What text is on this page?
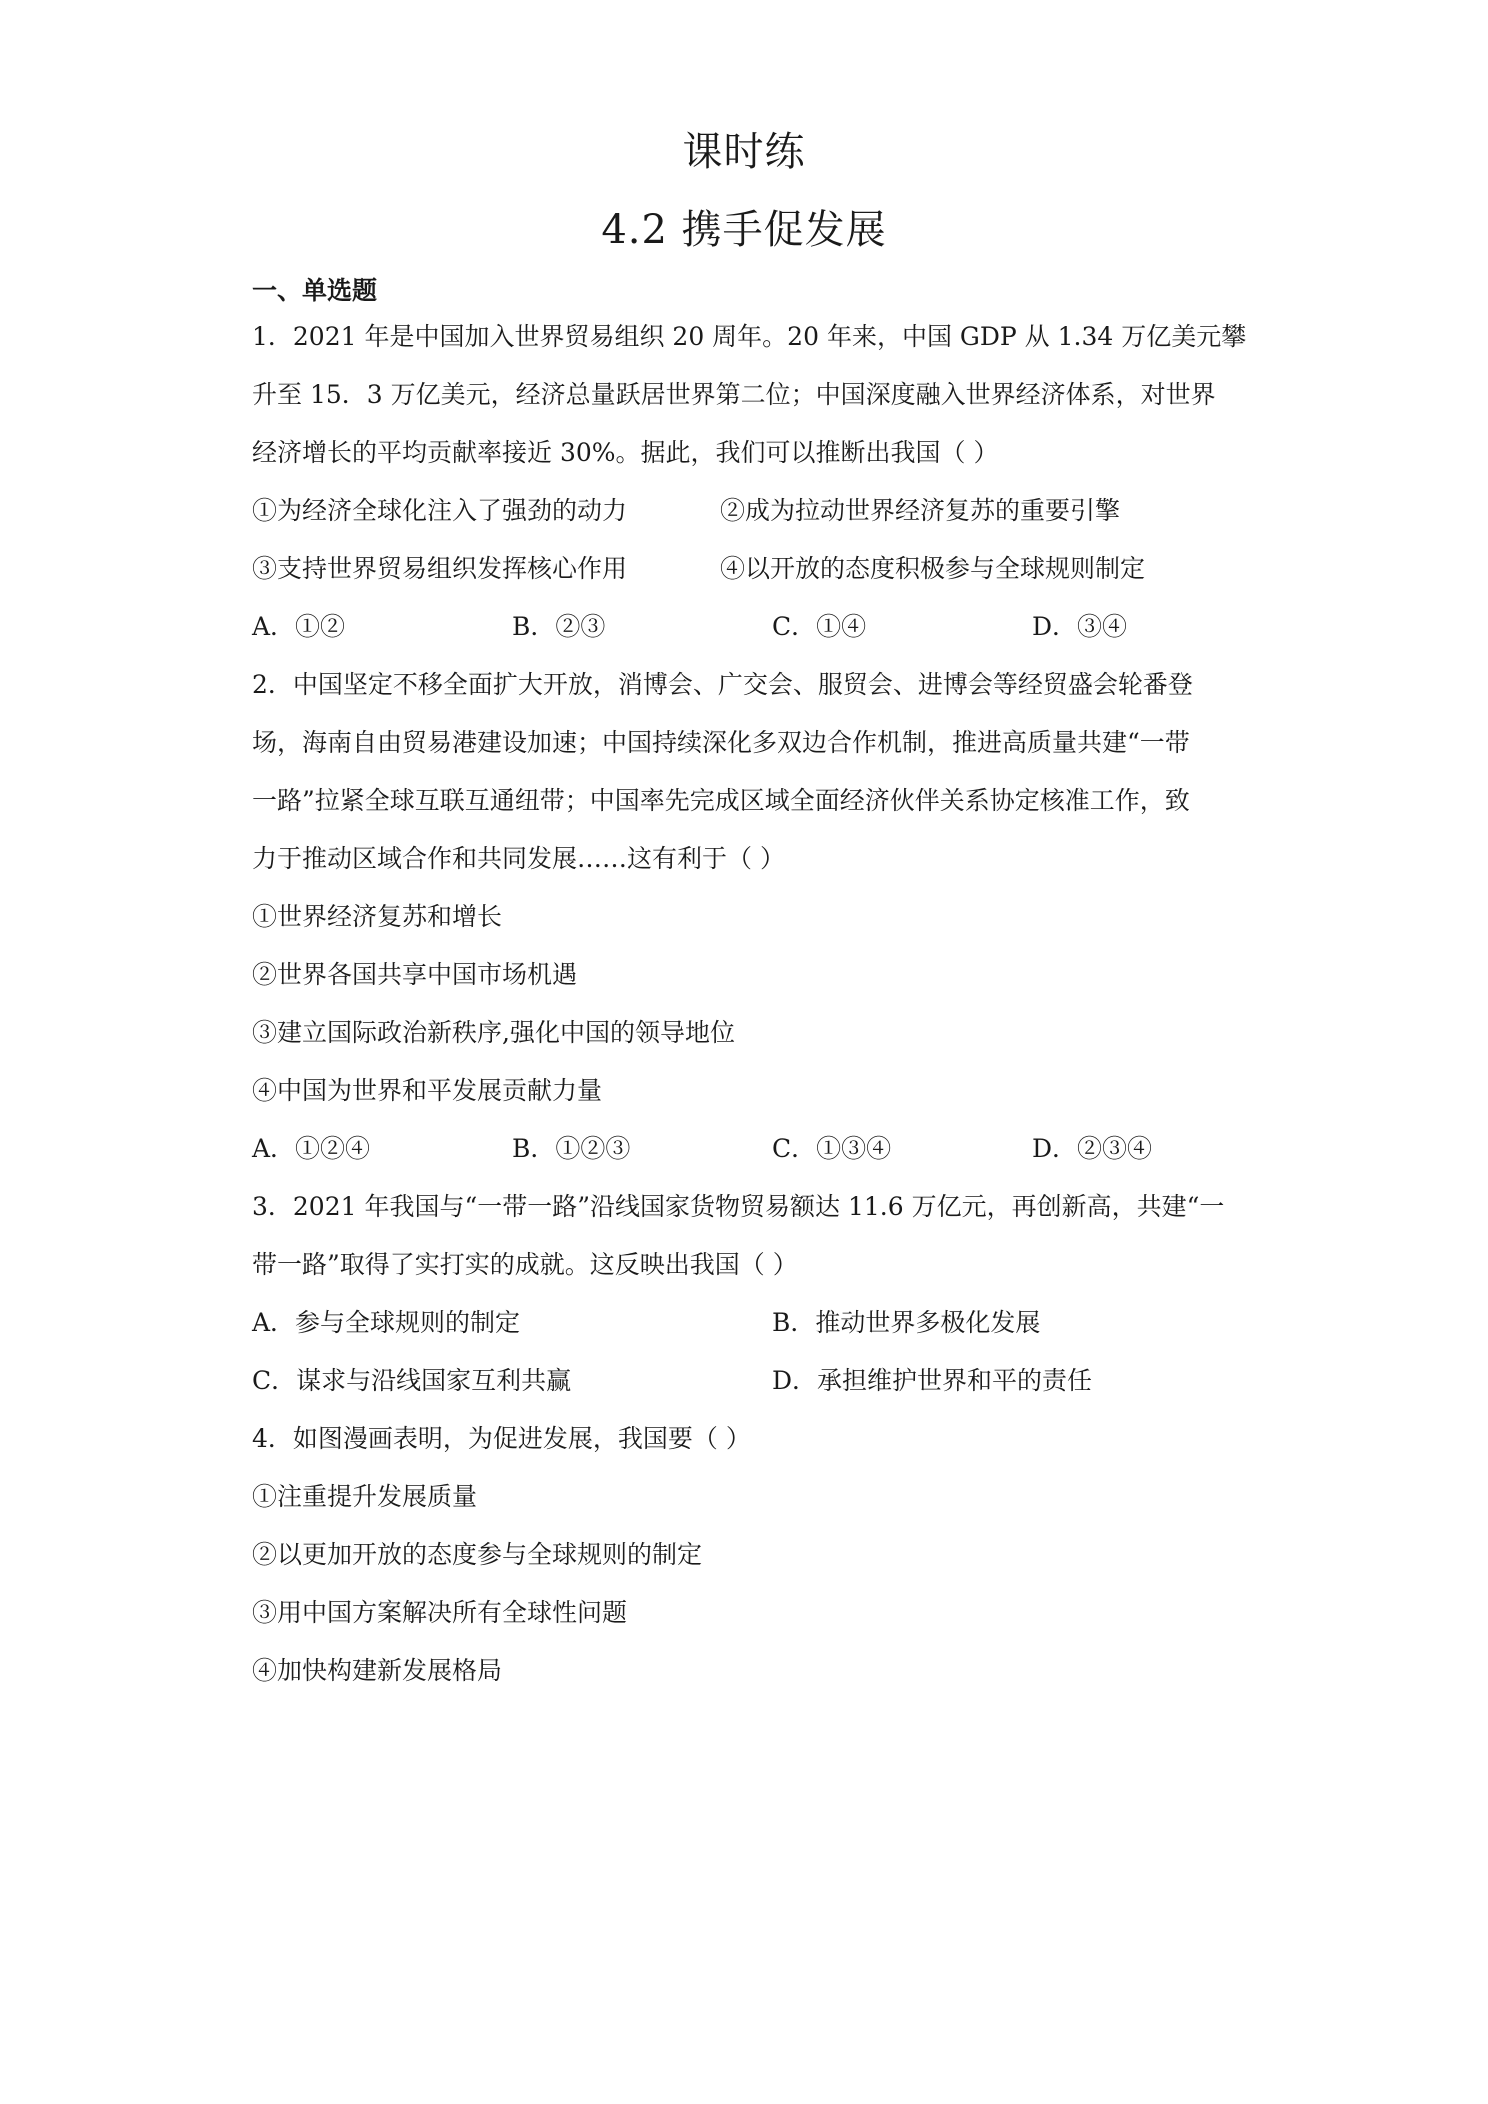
课时练
4.2 携手促发展
一、单选题
1．2021 年是中国加入世界贸易组织 20 周年。20 年来，中国 GDP 从 1.34 万亿美元攀
升至 15．3 万亿美元，经济总量跃居世界第二位；中国深度融入世界经济体系，对世界
经济增长的平均贡献率接近 30%。据此，我们可以推断出我国（ ）
①为经济全球化注入了强劲的动力	②成为拉动世界经济复苏的重要引擎
③支持世界贸易组织发挥核心作用	④以开放的态度积极参与全球规则制定
A．①②	B．②③	C．①④	D．③④
2．中国坚定不移全面扩大开放，消博会、广交会、服贸会、进博会等经贸盛会轮番登
场，海南自由贸易港建设加速；中国持续深化多双边合作机制，推进高质量共建“一带
一路”拉紧全球互联互通纽带；中国率先完成区域全面经济伙伴关系协定核准工作，致
力于推动区域合作和共同发展……这有利于（ ）
①世界经济复苏和增长
②世界各国共享中国市场机遇
③建立国际政治新秩序,强化中国的领导地位
④中国为世界和平发展贡献力量
A．①②④	B．①②③	C．①③④	D．②③④
3．2021 年我国与“一带一路”沿线国家货物贸易额达 11.6 万亿元，再创新高，共建“一
带一路”取得了实打实的成就。这反映出我国（ ）
A．参与全球规则的制定	B．推动世界多极化发展
C．谋求与沿线国家互利共赢	D．承担维护世界和平的责任
4．如图漫画表明，为促进发展，我国要（ ）
①注重提升发展质量
②以更加开放的态度参与全球规则的制定
③用中国方案解决所有全球性问题
④加快构建新发展格局
